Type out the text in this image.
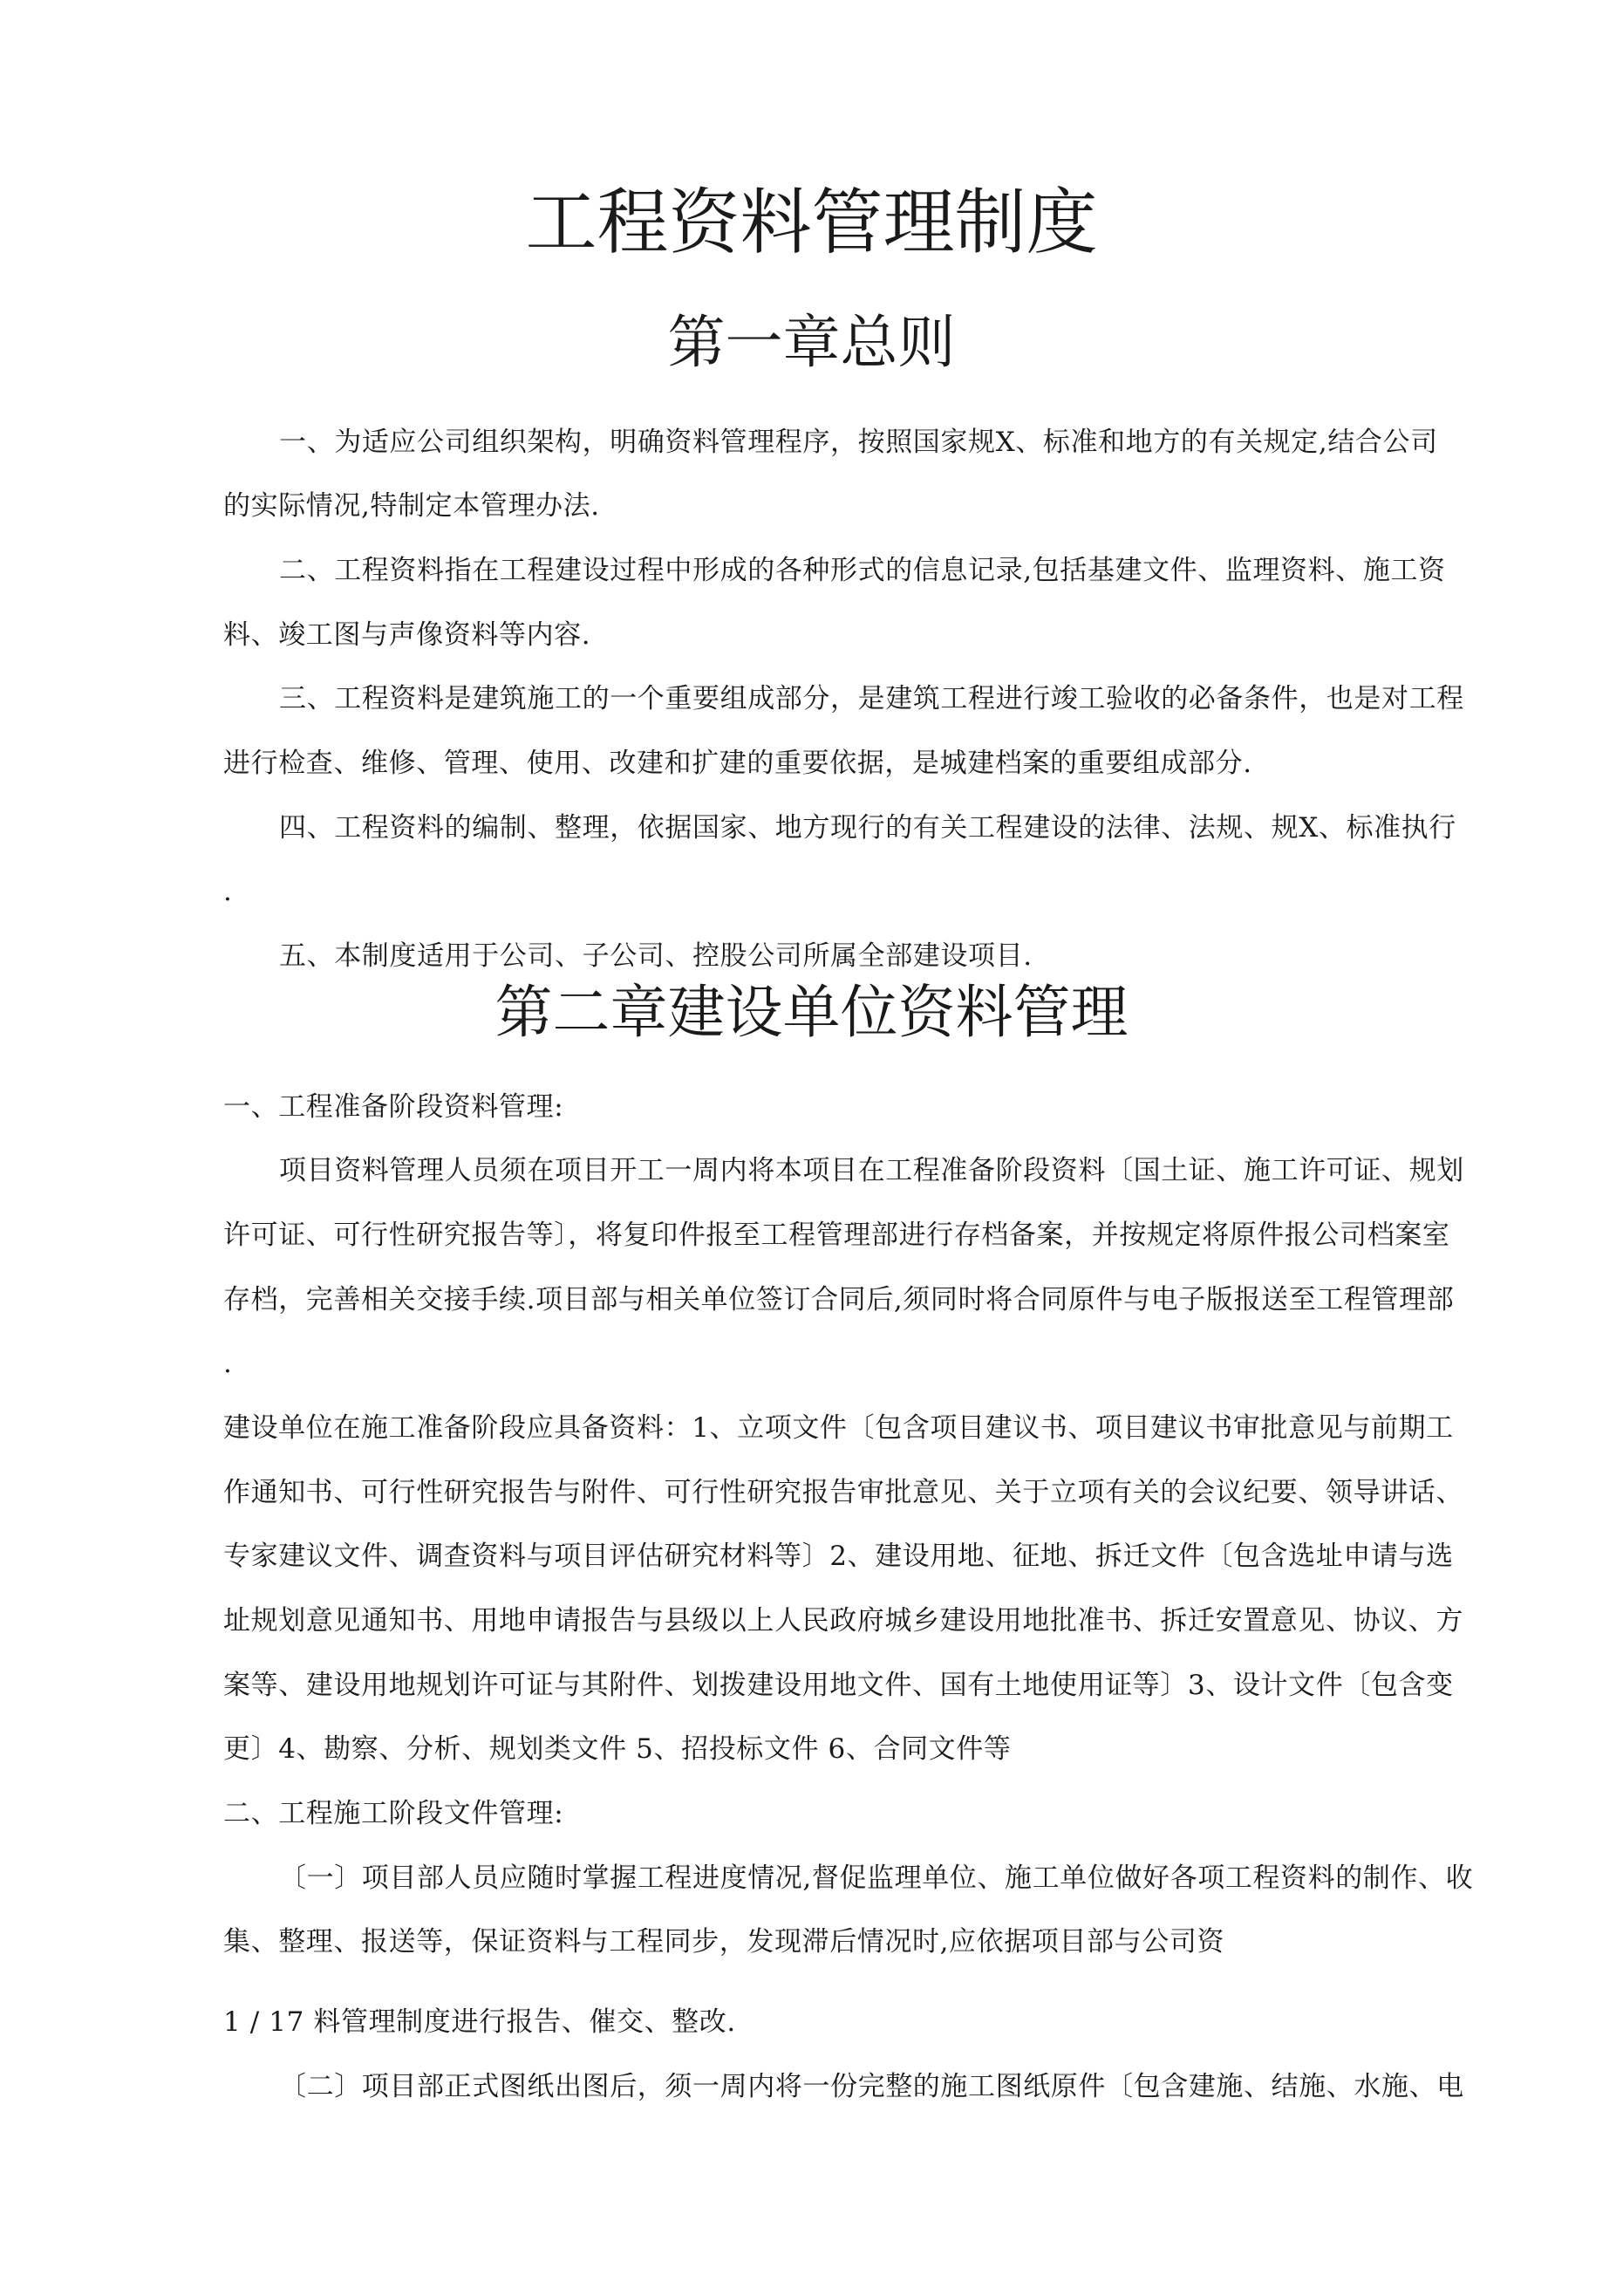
工程资料管理制度
第一章总则
一、为适应公司组织架构，明确资料管理程序，按照国家规X、标准和地方的有关规定,结合公司
的实际情况,特制定本管理办法.
二、工程资料指在工程建设过程中形成的各种形式的信息记录,包括基建文件、监理资料、施工资
料、竣工图与声像资料等内容.
三、工程资料是建筑施工的一个重要组成部分，是建筑工程进行竣工验收的必备条件，也是对工程
进行检查、维修、管理、使用、改建和扩建的重要依据，是城建档案的重要组成部分.
四、工程资料的编制、整理，依据国家、地方现行的有关工程建设的法律、法规、规X、标准执行
.
五、本制度适用于公司、子公司、控股公司所属全部建设项目.
第二章建设单位资料管理
一、工程准备阶段资料管理:
项目资料管理人员须在项目开工一周内将本项目在工程准备阶段资料〔国土证、施工许可证、规划
许可证、可行性研究报告等〕，将复印件报至工程管理部进行存档备案，并按规定将原件报公司档案室
存档，完善相关交接手续.项目部与相关单位签订合同后,须同时将合同原件与电子版报送至工程管理部
.
建设单位在施工准备阶段应具备资料：1、立项文件〔包含项目建议书、项目建议书审批意见与前期工
作通知书、可行性研究报告与附件、可行性研究报告审批意见、关于立项有关的会议纪要、领导讲话、
专家建议文件、调查资料与项目评估研究材料等〕2、建设用地、征地、拆迁文件〔包含选址申请与选
址规划意见通知书、用地申请报告与县级以上人民政府城乡建设用地批准书、拆迁安置意见、协议、方
案等、建设用地规划许可证与其附件、划拨建设用地文件、国有土地使用证等〕3、设计文件〔包含变
更〕4、勘察、分析、规划类文件 5、招投标文件 6、合同文件等
二、工程施工阶段文件管理:
〔一〕项目部人员应随时掌握工程进度情况,督促监理单位、施工单位做好各项工程资料的制作、收
集、整理、报送等，保证资料与工程同步，发现滞后情况时,应依据项目部与公司资
1 / 17 料管理制度进行报告、催交、整改.
〔二〕项目部正式图纸出图后，须一周内将一份完整的施工图纸原件〔包含建施、结施、水施、电
